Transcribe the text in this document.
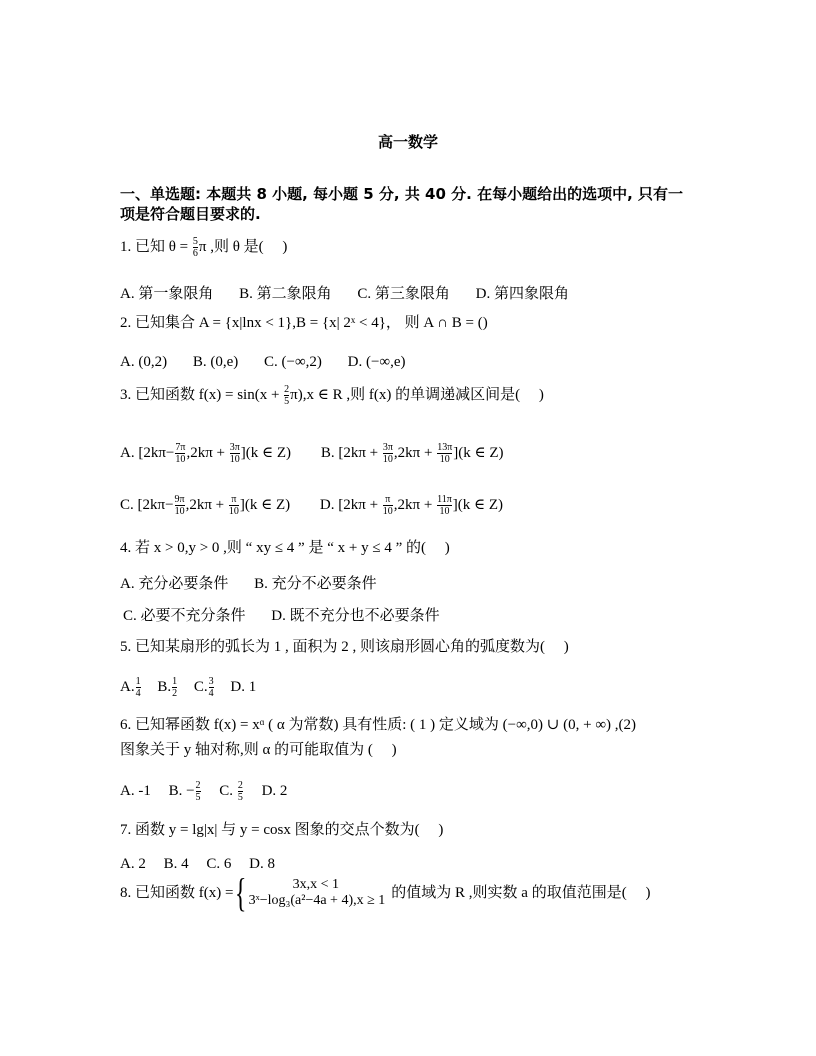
高一数学
一、单选题: 本题共 8 小题, 每小题 5 分, 共 40 分. 在每小题给出的选项中, 只有一项是符合题目要求的.
1. 已知 $\theta = \frac{5}{6}$ π ,则 θ 是(　 )
A. 第一象限角 B. 第二象限角 C. 第三象限角 D. 第四象限角
2. 已知集合 A = {x|lnx < 1},B = {x| 2ˣ < 4}， 则 A ∩ B = ()
A. (0,2) B. (0,e) C. (−∞,2) D. (−∞,e)
3. 已知函数 $f(x) = \sin(x + \frac{2}{5} \pi),x$ ∈ R ,则 f(x) 的单调递减区间是(　 )
A. $[2k\pi- \frac{7\pi}{10} ,2k\pi + \frac{3\pi}{10} ](k$ ∈ Z) B. $[2k\pi + \frac{3\pi}{10} ,2k\pi + \frac{13\pi}{10} ](k$ ∈ Z)
C. $[2k\pi- \frac{9\pi}{10} ,2k\pi + \frac{\pi}{10} ](k$ ∈ Z) D. $[2k\pi + \frac{\pi}{10} ,2k\pi + \frac{11\pi}{10} ](k$ ∈ Z)
4. 若 x > 0,y > 0 ,则 “ xy ≤ 4 ” 是 “ x + y ≤ 4 ” 的(　 )
A. 充分必要条件 B. 充分不必要条件
C. 必要不充分条件 D. 既不充分也不必要条件
5. 已知某扇形的弧长为 1 , 面积为 2 , 则该扇形圆心角的弧度数为(　 )
A. $\frac{1}{4} B$. $\frac{1}{2} C$. $\frac{3}{4} D$. 1
6. 已知幂函数 f(x) = xᵅ ( α 为常数) 具有性质: ( 1 ) 定义域为 (−∞,0) ∪ (0, + ∞) ,(2)
图象关于 y 轴对称,则 α 的可能取值为 (　 )
A. -1 B. − $\frac{2}{5} C$. $\frac{2}{5} D$. 2
7. 函数 y = lg|x| 与 y = cosx 图象的交点个数为(　 )
A. 2 B. 4 C. 6 D. 8
8. 已知函数 f(x) = {	3x,x < 1
3ˣ−log₃(a²−4a + 4),x ≥ 1 的值域为 R ,则实数 a 的取值范围是(　 )
